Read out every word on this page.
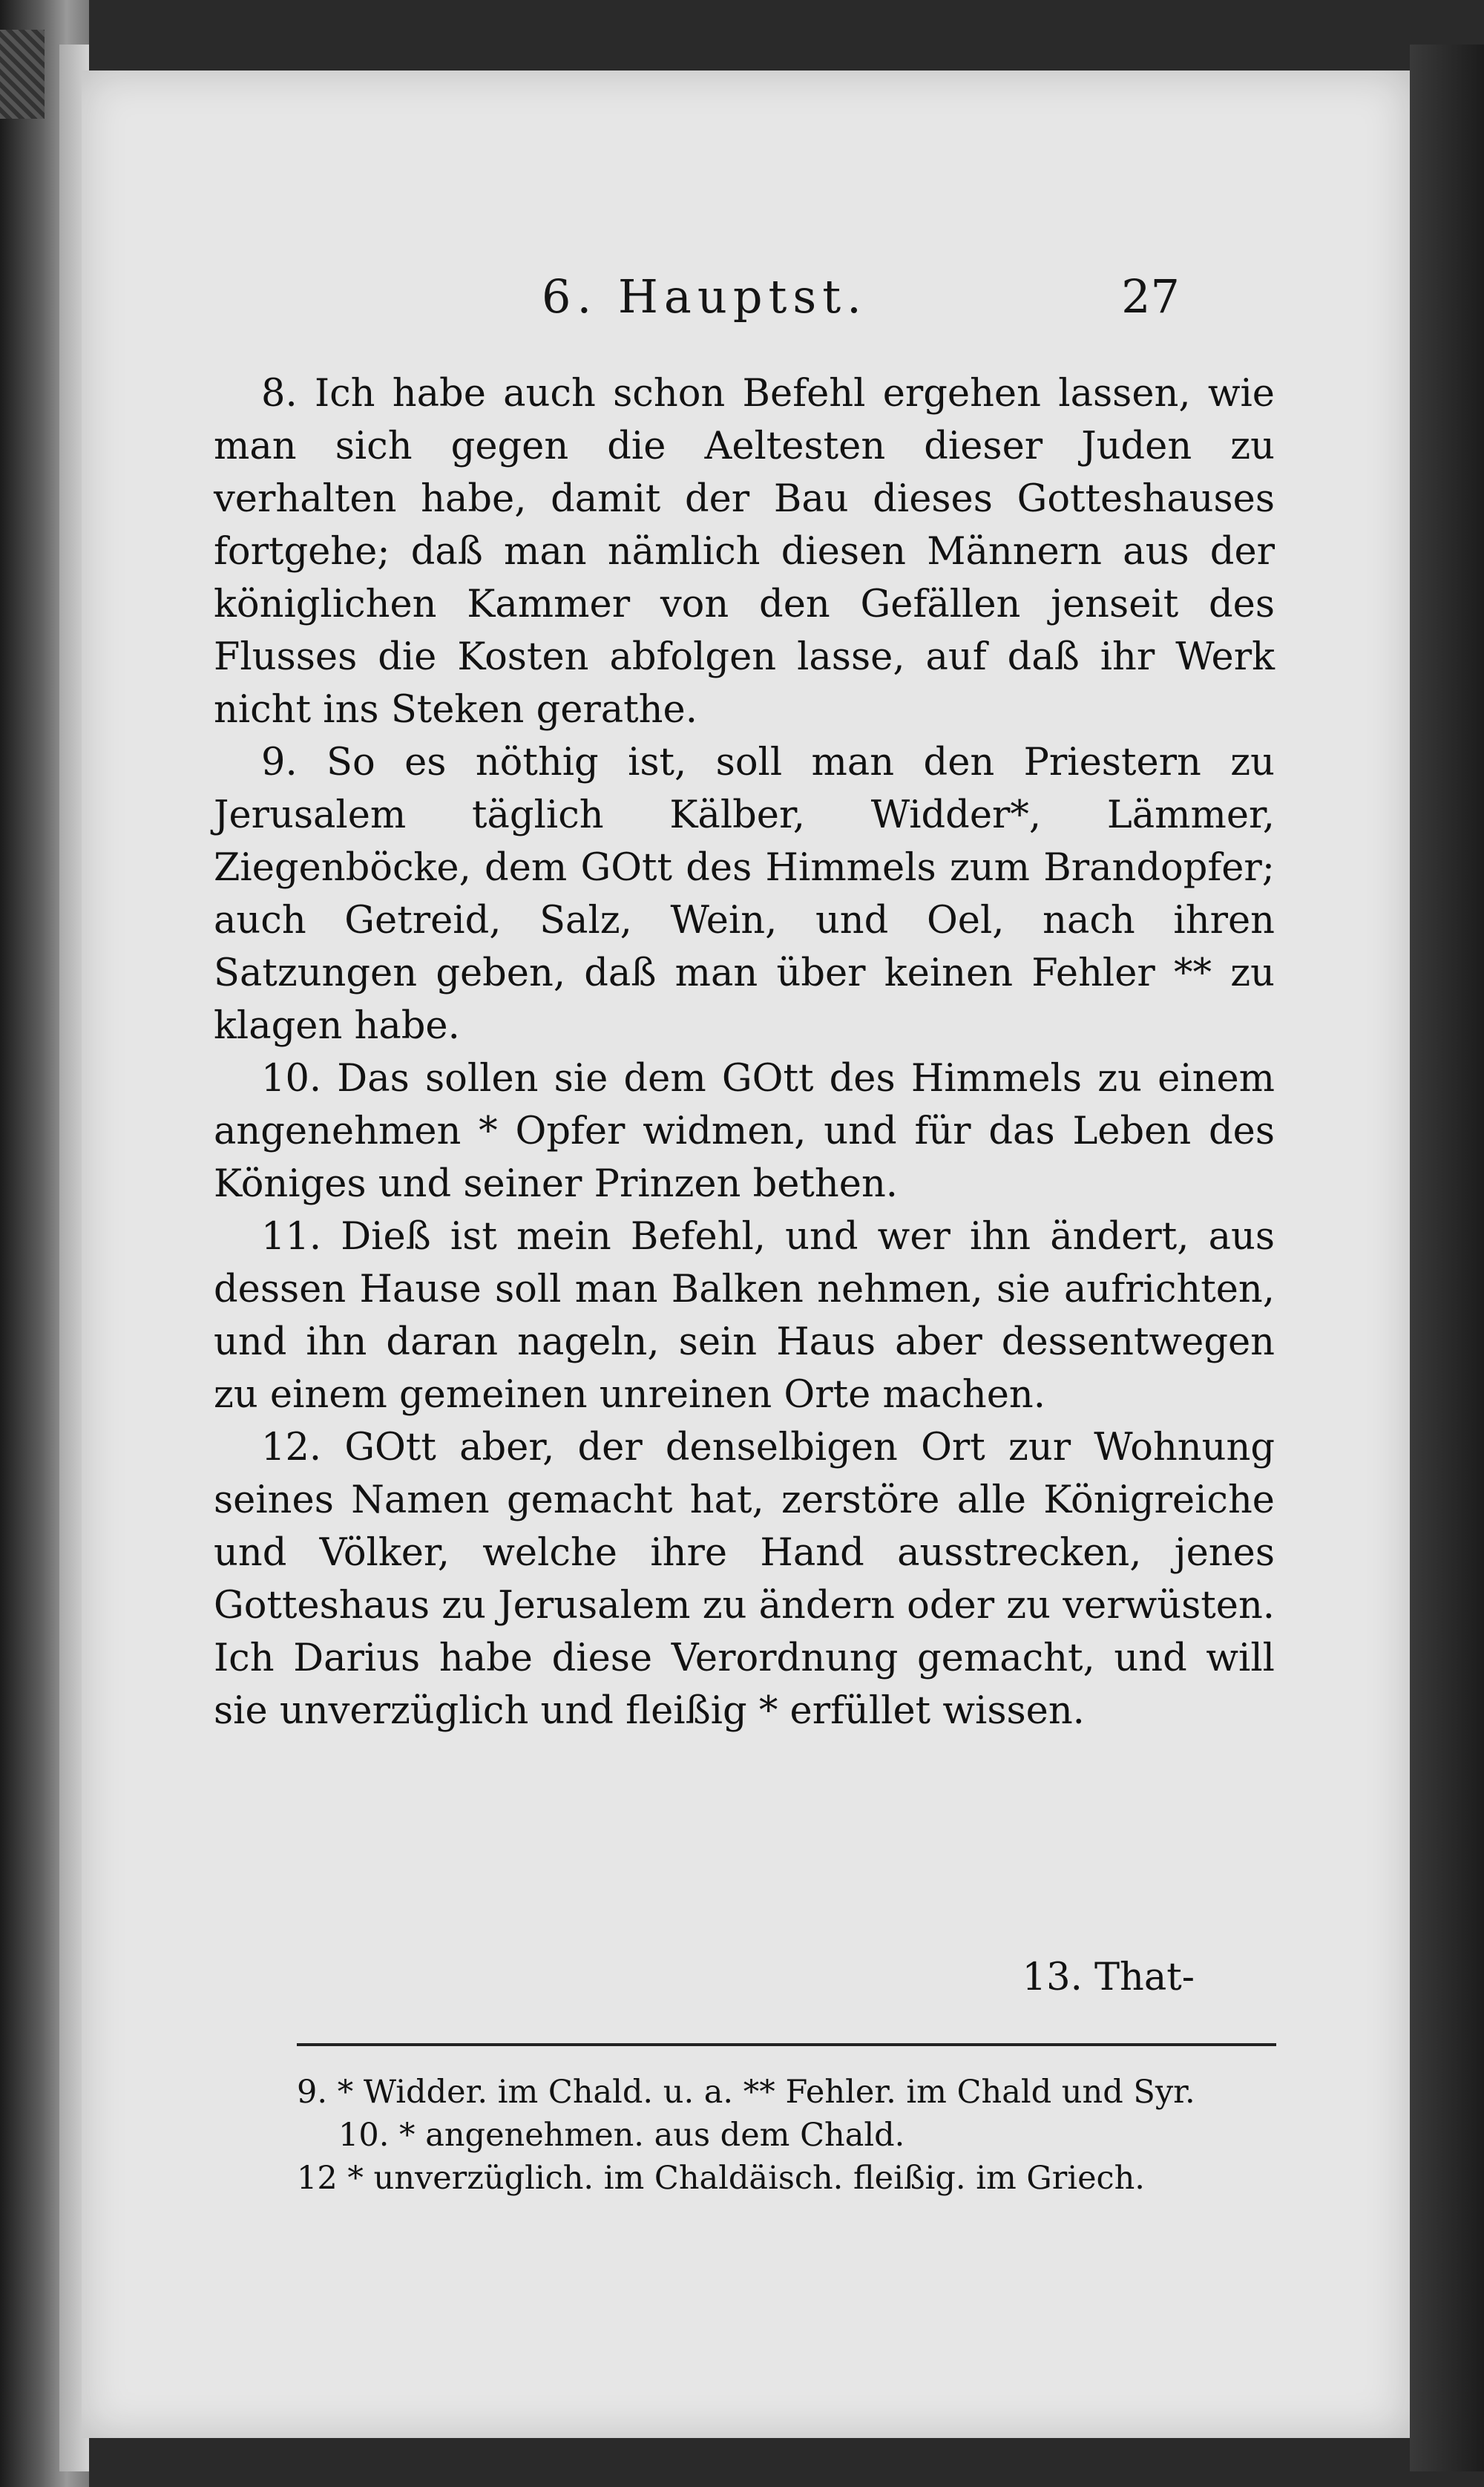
6. Hauptst.	27

8. Ich habe auch schon Befehl ergehen lassen, wie man sich gegen die Aeltesten dieser Juden zu verhalten habe, damit der Bau dieses Gotteshauses fortgehe; daß man nämlich diesen Männern aus der königlichen Kammer von den Gefällen jenseit des Flusses die Kosten abfolgen lasse, auf daß ihr Werk nicht ins Steken gerathe.

9. So es nöthig ist, soll man den Priestern zu Jerusalem täglich Kälber, Widder*, Lämmer, Ziegenböcke, dem GOtt des Himmels zum Brandopfer; auch Getreid, Salz, Wein, und Oel, nach ihren Satzungen geben, daß man über keinen Fehler ** zu klagen habe.

10. Das sollen sie dem GOtt des Himmels zu einem angenehmen * Opfer widmen, und für das Leben des Königes und seiner Prinzen bethen.

11. Dieß ist mein Befehl, und wer ihn ändert, aus dessen Hause soll man Balken nehmen, sie aufrichten, und ihn daran nageln, sein Haus aber dessentwegen zu einem gemeinen unreinen Orte machen.

12. GOtt aber, der denselbigen Ort zur Wohnung seines Namen gemacht hat, zerstöre alle Königreiche und Völker, welche ihre Hand ausstrecken, jenes Gotteshaus zu Jerusalem zu ändern oder zu verwüsten. Ich Darius habe diese Verordnung gemacht, und will sie unverzüglich und fleißig * erfüllet wissen.

13. That-

9. * Widder. im Chald. u. a. ** Fehler. im Chald und Syr.

10. * angenehmen. aus dem Chald.

12 * unverzüglich. im Chaldäisch. fleißig. im Griech.
